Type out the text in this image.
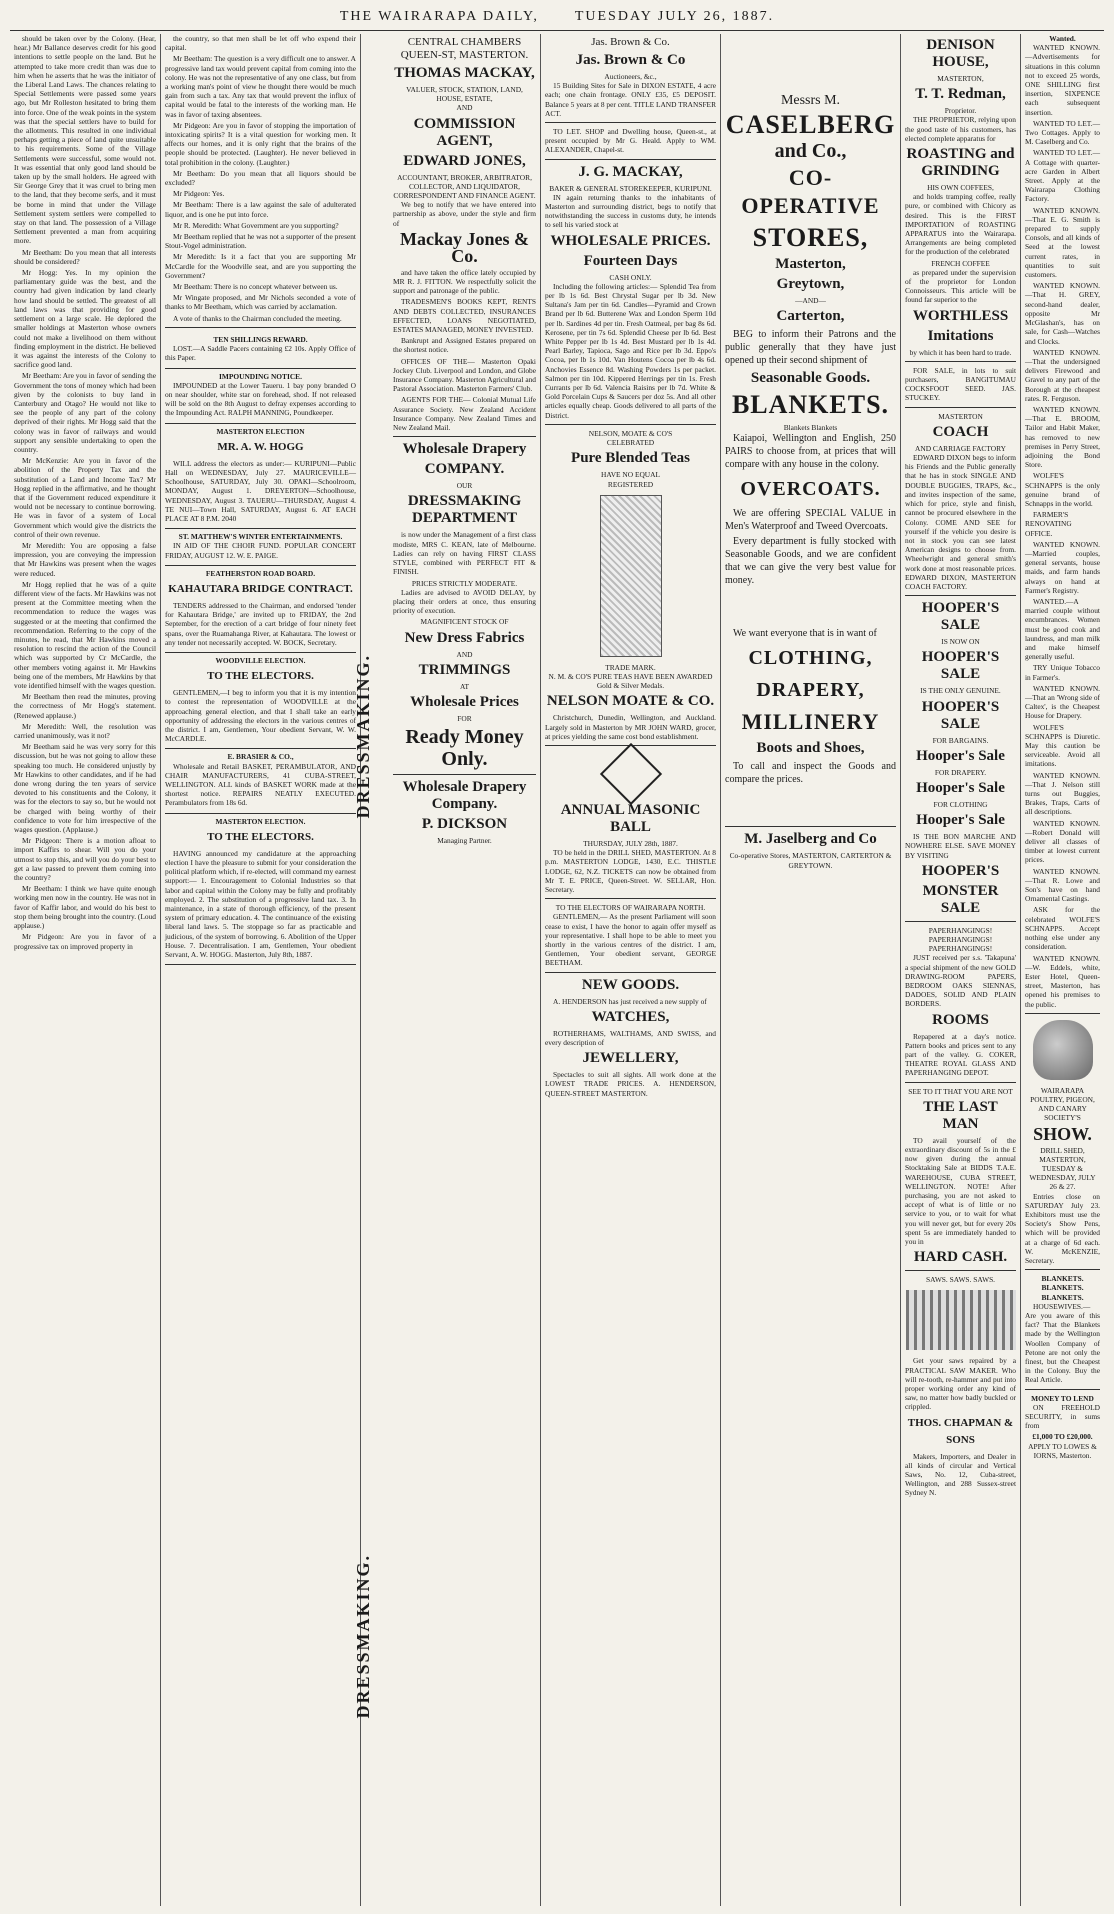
THE WAIRARAPA DAILY,	TUESDAY JULY 26, 1887.

should be taken over by the Colony. (Hear, hear.) Mr Ballance deserves credit for his good intentions to settle people on the land. But he attempted to take more credit than was due to him when he asserts that he was the initiator of the Liberal Land Laws. The chances relating to Special Settlements were passed some years ago, but Mr Rolleston hesitated to bring them into force. One of the weak points in the system was that the special settlers have to build for the allotments. This resulted in one individual perhaps getting a piece of land quite unsuitable to his requirements. Some of the Village Settlements were successful, some would not. It was essential that only good land should be taken up by the small holders. He agreed with Sir George Grey that it was cruel to bring men to the land, that they become serfs, and it must be borne in mind that under the Village Settlement system settlers were compelled to stay on that land. The possession of a Village Settlement prevented a man from acquiring more.

Mr Beetham: Do you mean that all interests should be considered?

Mr Hogg: Yes. In my opinion the parliamentary guide was the best, and the country had given indication by land clearly how land should be settled. The greatest of all land laws was that providing for good settlement on a large scale. He deplored the smaller holdings at Masterton whose owners could not make a livelihood on them without finding employment in the district. He believed it was against the interests of the Colony to sacrifice good land.

Mr Beetham: Are you in favor of sending the Government the tons of money which had been given by the colonists to buy land in Canterbury and Otago? He would not like to see the people of any part of the colony deprived of their rights. Mr Hogg said that the colony was in favor of railways and would support any sensible undertaking to open the country.

Mr McKenzie: Are you in favor of the abolition of the Property Tax and the substitution of a Land and Income Tax? Mr Hogg replied in the affirmative, and he thought that if the Government reduced expenditure it would not be necessary to continue borrowing. He was in favor of a system of Local Government which would give the districts the control of their own revenue.

Mr Meredith: You are opposing a false impression, you are conveying the impression that Mr Hawkins was present when the wages were reduced.

Mr Hogg replied that he was of a quite different view of the facts. Mr Hawkins was not present at the Committee meeting when the recommendation to reduce the wages was suggested or at the meeting that confirmed the recommendation. Referring to the copy of the minutes, he read, that Mr Hawkins moved a resolution to rescind the action of the Council which was supported by Cr McCardle, the other members voting against it. Mr Hawkins being one of the members, Mr Hawkins by that vote identified himself with the wages question.

Mr Beetham then read the minutes, proving the correctness of Mr Hogg's statement. (Renewed applause.)

Mr Meredith: Well, the resolution was carried unanimously, was it not?

Mr Beetham said he was very sorry for this discussion, but he was not going to allow these speaking too much. He considered unjustly by Mr Hawkins to other candidates, and if he had done wrong during the ten years of service devoted to his constituents and the Colony, it was for the electors to say so, but he would not be charged with being worthy of their confidence to vote for him irrespective of the wages question. (Applause.)

Mr Pidgeon: There is a motion afloat to import Kaffirs to shear. Will you do your utmost to stop this, and will you do your best to get a law passed to prevent them coming into the country?

Mr Beetham: I think we have quite enough working men now in the country. He was not in favor of Kaffir labor, and would do his best to stop them being brought into the country. (Loud applause.)

Mr Pidgeon: Are you in favor of a progressive tax on improved property in

the country, so that men shall be let off who expend their capital.

Mr Beetham: The question is a very difficult one to answer. A progressive land tax would prevent capital from coming into the colony. He was not the representative of any one class, but from a working man's point of view he thought there would be much gain from such a tax. Any tax that would prevent the influx of capital would be fatal to the interests of the working man. He was in favor of taxing absentees.

Mr Pidgeon: Are you in favor of stopping the importation of intoxicating spirits? It is a vital question for working men. It affects our homes, and it is only right that the brains of the people should be protected. (Laughter). He never believed in total prohibition in the colony. (Laughter.)

Mr Beetham: Do you mean that all liquors should be excluded?

Mr Pidgeon: Yes.

Mr Beetham: There is a law against the sale of adulterated liquor, and is one he put into force.

Mr R. Meredith: What Government are you supporting?

Mr Beetham replied that he was not a supporter of the present Stout-Vogel administration.

Mr Meredith: Is it a fact that you are supporting Mr McCardle for the Woodville seat, and are you supporting the Government?

Mr Beetham: There is no concept whatever between us.

Mr Wingate proposed, and Mr Nichols seconded a vote of thanks to Mr Beetham, which was carried by acclamation.

A vote of thanks to the Chairman concluded the meeting.

TEN SHILLINGS REWARD.

LOST.—A Saddle Pacers containing £2 10s. Apply Office of this Paper.

IMPOUNDING NOTICE.

IMPOUNDED at the Lower Taueru. 1 bay pony branded O on near shoulder, white star on forehead, shod. If not released will be sold on the 8th August to defray expenses according to the Impounding Act. RALPH MANNING, Poundkeeper.

MASTERTON ELECTION
MR. A. W. HOGG

WILL address the electors as under:— KURIPUNI—Public Hall on WEDNESDAY, July 27. MAURICEVILLE—Schoolhouse, SATURDAY, July 30. OPAKI—Schoolroom, MONDAY, August 1. DREYERTON—Schoolhouse, WEDNESDAY, August 3. TAUERU—THURSDAY, August 4. TE NUI—Town Hall, SATURDAY, August 6. AT EACH PLACE AT 8 P.M. 2040

ST. MATTHEW'S WINTER ENTERTAINMENTS.

IN AID OF THE CHOIR FUND. POPULAR CONCERT FRIDAY, AUGUST 12. W. E. PAIGE.

FEATHERSTON ROAD BOARD.
KAHAUTARA BRIDGE CONTRACT.

TENDERS addressed to the Chairman, and endorsed 'tender for Kahautara Bridge,' are invited up to FRIDAY, the 2nd September, for the erection of a cart bridge of four ninety feet spans, over the Ruamahanga River, at Kahautara. The lowest or any tender not necessarily accepted. W. BOCK, Secretary.

WOODVILLE ELECTION.
TO THE ELECTORS.

GENTLEMEN,—I beg to inform you that it is my intention to contest the representation of WOODVILLE at the approaching general election, and that I shall take an early opportunity of addressing the electors in the various centres of the district. I am, Gentlemen, Your obedient Servant, W. W. McCARDLE.

E. BRASIER & CO.,

Wholesale and Retail BASKET, PERAMBULATOR, AND CHAIR MANUFACTURERS, 41 CUBA-STREET, WELLINGTON. ALL kinds of BASKET WORK made at the shortest notice. REPAIRS NEATLY EXECUTED. Perambulators from 18s 6d.

MASTERTON ELECTION.
TO THE ELECTORS.

HAVING announced my candidature at the approaching election I have the pleasure to submit for your consideration the political platform which, if re-elected, will command my earnest support:— 1. Encouragement to Colonial Industries so that labor and capital within the Colony may be fully and profitably employed. 2. The substitution of a progressive land tax. 3. In maintenance, in a state of thorough efficiency, of the present system of primary education. 4. The continuance of the existing liberal land laws. 5. The stoppage so far as practicable and judicious, of the system of borrowing. 6. Abolition of the Upper House. 7. Decentralisation. I am, Gentlemen, Your obedient Servant, A. W. HOGG. Masterton, July 8th, 1887.

DRESSMAKING.
DRESSMAKING.
CENTRAL CHAMBERS QUEEN-ST, MASTERTON.
THOMAS MACKAY,
VALUER, STOCK, STATION, LAND, HOUSE, ESTATE,
AND
COMMISSION AGENT,
EDWARD JONES,
ACCOUNTANT, BROKER, ARBITRATOR, COLLECTOR, AND LIQUIDATOR, CORRESPONDENT AND FINANCE AGENT.

We beg to notify that we have entered into partnership as above, under the style and firm of

Mackay Jones & Co.

and have taken the office lately occupied by MR R. J. FITTON. We respectfully solicit the support and patronage of the public.

TRADESMEN'S BOOKS KEPT, RENTS AND DEBTS COLLECTED, INSURANCES EFFECTED, LOANS NEGOTIATED, ESTATES MANAGED, MONEY INVESTED.

Bankrupt and Assigned Estates prepared on the shortest notice.

OFFICES OF THE— Masterton Opaki Jockey Club. Liverpool and London, and Globe Insurance Company. Masterton Agricultural and Pastoral Association. Masterton Farmers' Club.

AGENTS FOR THE— Colonial Mutual Life Assurance Society. New Zealand Accident Insurance Company. New Zealand Times and New Zealand Mail.

Wholesale Drapery
COMPANY.
OUR
DRESSMAKING DEPARTMENT

is now under the Management of a first class modiste, MRS C. KEAN, late of Melbourne. Ladies can rely on having FIRST CLASS STYLE, combined with PERFECT FIT & FINISH.

PRICES STRICTLY MODERATE.

Ladies are advised to AVOID DELAY, by placing their orders at once, thus ensuring priority of execution.

MAGNIFICENT STOCK OF
New Dress Fabrics
AND
TRIMMINGS
AT
Wholesale Prices
FOR
Ready Money Only.
Wholesale Drapery Company.
P. DICKSON
Managing Partner.
Jas. Brown & Co.
Jas. Brown & Co
Auctioneers, &c.,

15 Building Sites for Sale in DIXON ESTATE, 4 acre each; one chain frontage. ONLY £35, £5 DEPOSIT. Balance 5 years at 8 per cent. TITLE LAND TRANSFER ACT.

TO LET. SHOP and Dwelling house, Queen-st., at present occupied by Mr G. Heald. Apply to WM. ALEXANDER, Chapel-st.

J. G. MACKAY,
BAKER & GENERAL STOREKEEPER, KURIPUNI.

IN again returning thanks to the inhabitants of Masterton and surrounding district, begs to notify that notwithstanding the success in customs duty, he intends to sell his varied stock at

WHOLESALE PRICES.
Fourteen Days
CASH ONLY.

Including the following articles:— Splendid Tea from per lb 1s 6d. Best Chrystal Sugar per lb 3d. New Sultana's Jam per tin 6d. Candles—Pyramid and Crown Brand per lb 6d. Butterene Wax and London Sperm 10d per lb. Sardines 4d per tin. Fresh Oatmeal, per bag 8s 6d. Kerosene, per tin 7s 6d. Splendid Cheese per lb 6d. Best White Pepper per lb 1s 4d. Best Mustard per lb 1s 4d. Pearl Barley, Tapioca, Sago and Rice per lb 3d. Eppo's Cocoa, per lb 1s 10d. Van Houtens Cocoa per lb 4s 6d. Anchovies Essence 8d. Washing Powders 1s per packet. Salmon per tin 10d. Kippered Herrings per tin 1s. Fresh Currants per lb 6d. Valencia Raisins per lb 7d. White & Gold Porcelain Cups & Saucers per doz 5s. And all other articles equally cheap. Goods delivered to all parts of the District.

NELSON, MOATE & CO'S
CELEBRATED
Pure Blended Teas
HAVE NO EQUAL
REGISTERED
TRADE MARK.
N. M. & CO'S PURE TEAS HAVE BEEN AWARDED Gold & Silver Medals.
NELSON MOATE & CO.

Christchurch, Dunedin, Wellington, and Auckland. Largely sold in Masterton by MR JOHN WARD, grocer, at prices yielding the same cost bond establishment.

ANNUAL MASONIC BALL
THURSDAY, JULY 28th, 1887.

TO be held in the DRILL SHED, MASTERTON. At 8 p.m. MASTERTON LODGE, 1430, E.C. THISTLE LODGE, 62, N.Z. TICKETS can now be obtained from Mr T. E. PRICE, Queen-Street. W. SELLAR, Hon. Secretary.

TO THE ELECTORS OF WAIRARAPA NORTH.

GENTLEMEN,— As the present Parliament will soon cease to exist, I have the honor to again offer myself as your representative. I shall hope to be able to meet you shortly in the various centres of the district. I am, Gentlemen, Your obedient servant, GEORGE BEETHAM.

NEW GOODS.

A. HENDERSON has just received a new supply of

WATCHES,

ROTHERHAMS, WALTHAMS, AND SWISS, and every description of

JEWELLERY,

Spectacles to suit all sights. All work done at the LOWEST TRADE PRICES. A. HENDERSON, QUEEN-STREET MASTERTON.

Messrs M.
CASELBERG
and Co.,
CO-OPERATIVE
STORES,
Masterton,
Greytown,
—AND—
Carterton,

BEG to inform their Patrons and the public generally that they have just opened up their second shipment of

Seasonable Goods.
BLANKETS.
Blankets Blankets

Kaiapoi, Wellington and English, 250 PAIRS to choose from, at prices that will compare with any house in the colony.

OVERCOATS.

We are offering SPECIAL VALUE in Men's Waterproof and Tweed Overcoats.

Every department is fully stocked with Seasonable Goods, and we are confident that we can give the very best value for money.

We want everyone that is in want of

CLOTHING,
DRAPERY,
MILLINERY
Boots and Shoes,

To call and inspect the Goods and compare the prices.

M. Jaselberg and Co
Co-operative Stores, MASTERTON, CARTERTON & GREYTOWN.
DENISON HOUSE,
MASTERTON,
T. T. Redman,
Proprietor.

THE PROPRIETOR, relying upon the good taste of his customers, has elected complete apparatus for

ROASTING and GRINDING
HIS OWN COFFEES,

and holds tramping coffee, really pure, or combined with Chicory as desired. This is the FIRST IMPORTATION of ROASTING APPARATUS into the Wairarapa. Arrangements are being completed for the production of the celebrated

FRENCH COFFEE

as prepared under the supervision of the proprietor for London Connoisseurs. This article will be found far superior to the

WORTHLESS
Imitations
by which it has been hard to trade.

FOR SALE, in lots to suit purchasers, BANGITUMAU COCKSFOOT SEED. JAS. STUCKEY.

MASTERTON
COACH
AND CARRIAGE FACTORY

EDWARD DIXON begs to inform his Friends and the Public generally that he has in stock SINGLE AND DOUBLE BUGGIES, TRAPS, &c., and invites inspection of the same, which for price, style and finish, cannot be procured elsewhere in the Colony. COME AND SEE for yourself if the vehicle you desire is not in stock you can see latest American designs to choose from. Wheelwright and general smith's work done at most reasonable prices. EDWARD DIXON, MASTERTON COACH FACTORY.

HOOPER'S SALE
IS NOW ON
HOOPER'S SALE
IS THE ONLY GENUINE.
HOOPER'S SALE
FOR BARGAINS.
Hooper's Sale
FOR DRAPERY.
Hooper's Sale
FOR CLOTHING
Hooper's Sale

IS THE BON MARCHE AND NOWHERE ELSE. SAVE MONEY BY VISITING

HOOPER'S
MONSTER SALE
PAPERHANGINGS! PAPERHANGINGS! PAPERHANGINGS!

JUST received per s.s. 'Takapuna' a special shipment of the new GOLD DRAWING-ROOM PAPERS, BEDROOM OAKS SIENNAS, DADOES, SOLID AND PLAIN BORDERS.

ROOMS

Repapered at a day's notice. Pattern books and prices sent to any part of the valley. G. COKER, THEATRE ROYAL GLASS AND PAPERHANGING DEPOT.

SEE TO IT THAT YOU ARE NOT
THE LAST MAN

TO avail yourself of the extraordinary discount of 5s in the £ now given during the annual Stocktaking Sale at BIDDS T.A.E. WAREHOUSE, CUBA STREET, WELLINGTON. NOTE! After purchasing, you are not asked to accept of what is of little or no service to you, or to wait for what you will never get, but for every 20s spent 5s are immediately handed to you in

HARD CASH.
SAWS. SAWS. SAWS.

Get your saws repaired by a PRACTICAL SAW MAKER. Who will re-tooth, re-hammer and put into proper working order any kind of saw, no matter how badly buckled or crippled.

THOS. CHAPMAN & SONS

Makers, Importers, and Dealer in all kinds of circular and Vertical Saws, No. 12, Cuba-street, Wellington, and 288 Sussex-street Sydney N.

Wanted.

WANTED KNOWN.—Advertisements for situations in this column not to exceed 25 words, ONE SHILLING first insertion, SIXPENCE each subsequent insertion.

WANTED TO LET.—Two Cottages. Apply to M. Caselberg and Co.

WANTED TO LET.—A Cottage with quarter-acre Garden in Albert Street. Apply at the Wairarapa Clothing Factory.

WANTED KNOWN.—That E. G. Smith is prepared to supply Consols, and all kinds of Seed at the lowest current rates, in quantities to suit customers.

WANTED KNOWN.—That H. GREY, second-hand dealer, opposite Mr McGlashan's, has on sale, for Cash—Watches and Clocks.

WANTED KNOWN.—That the undersigned delivers Firewood and Gravel to any part of the Borough at the cheapest rates. R. Ferguson.

WANTED KNOWN.—That E. BROOM, Tailor and Habit Maker, has removed to new premises in Perry Street, adjoining the Bond Store.

WOLFE'S SCHNAPPS is the only genuine brand of Schnapps in the world.

FARMER'S RENOVATING OFFICE.

WANTED KNOWN.—Married couples, general servants, house maids, and farm hands always on hand at Farmer's Registry.

WANTED.—A married couple without encumbrances. Women must be good cook and laundress, and man milk and make himself generally useful.

TRY Unique Tobacco in Farmer's.

WANTED KNOWN.—That an 'Wrong side of Caltex', is the Cheapest House for Drapery.

WOLFE'S SCHNAPPS is Diuretic. May this caution be serviceable. Avoid all imitations.

WANTED KNOWN.—That J. Nelson still turns out Buggies, Brakes, Traps, Carts of all descriptions.

WANTED KNOWN.—Robert Donald will deliver all classes of timber at lowest current prices.

WANTED KNOWN.—That R. Lowe and Son's have on hand Ornamental Castings.

ASK for the celebrated WOLFE'S SCHNAPPS. Accept nothing else under any consideration.

WANTED KNOWN.—W. Eddels, white, Ester Hotel, Queen-street, Masterton, has opened his premises to the public.

WAIRARAPA POULTRY, PIGEON, AND CANARY SOCIETY'S
SHOW.
DRILL SHED, MASTERTON, TUESDAY & WEDNESDAY, JULY 26 & 27.

Entries close on SATURDAY July 23. Exhibitors must use the Society's Show Pens, which will be provided at a charge of 6d each. W. McKENZIE, Secretary.

BLANKETS. BLANKETS.
BLANKETS.

HOUSEWIVES.—Are you aware of this fact? That the Blankets made by the Wellington Woollen Company of Petone are not only the finest, but the Cheapest in the Colony. Buy the Real Article.

MONEY TO LEND

ON FREEHOLD SECURITY, in sums from

£1,000 TO £20,000.
APPLY TO LOWES & IORNS, Masterton.
